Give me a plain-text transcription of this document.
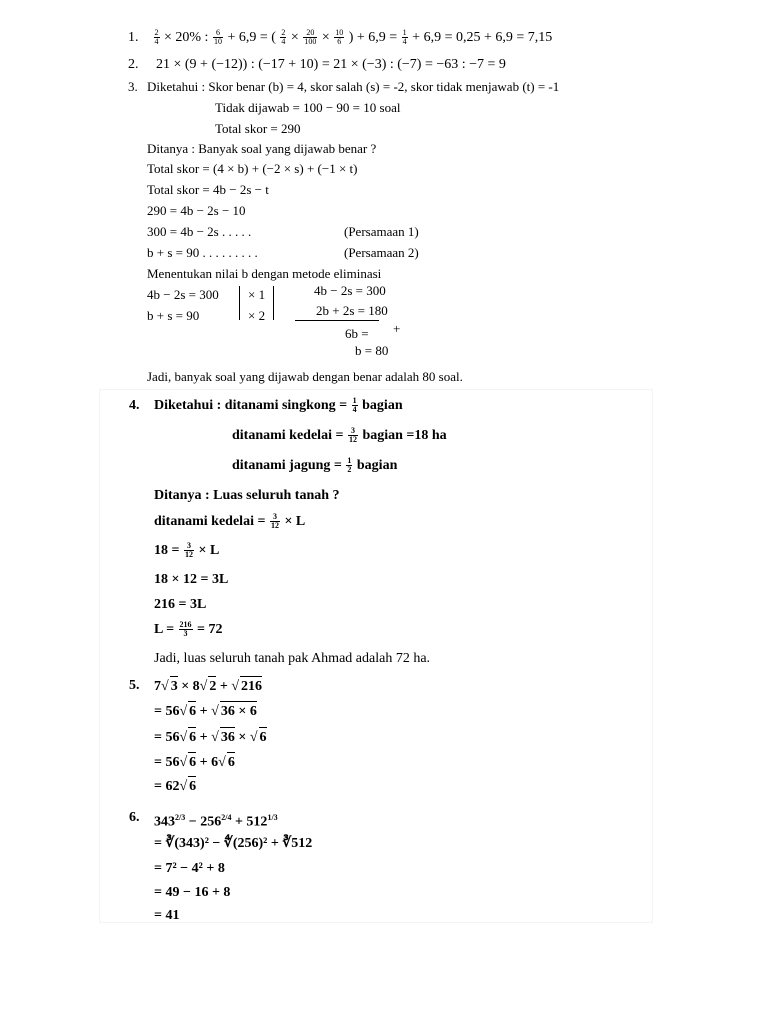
1. $\frac{2}{4} \times 20\%$ : $\frac{6}{10} + 6,9$ = ( $\frac{2}{4} \times \frac{20}{100} \times \frac{10}{6}$ ) + $6,9 = \frac{1}{4} + 6,9 = 0,25 + 6,9 = 7,15$
2. 21 × (9 + (−12)) : (−17 + 10) = 21 × (−3) : (−7) = −63 : −7 = 9
3. Diketahui : Skor benar (b) = 4, skor salah (s) = -2, skor tidak menjawab (t) = -1
Tidak dijawab = 100 − 90 = 10 soal
Total skor = 290
Ditanya : Banyak soal yang dijawab benar ?
Total skor = (4 × b) + (−2 × s) + (−1 × t)
Total skor = 4b − 2s − t
290 = 4b − 2s − 10
300 = 4b − 2s . . . . .	(Persamaan 1)
b + s = 90 . . . . . . . . .	(Persamaan 2)
Menentukan nilai b dengan metode eliminasi
4b − 2s = 300
b + s = 90
× 1
× 2
4b − 2s = 300
2b + 2s = 180
+
6b =
b = 80
Jadi, banyak soal yang dijawab dengan benar adalah 80 soal.
4. Diketahui : ditanami singkong = $\frac{1}{4}$ bagian
ditanami kedelai = $\frac{3}{12}$ bagian =18 ha
ditanami jagung = $\frac{1}{2}$ bagian
Ditanya : Luas seluruh tanah ?
ditanami kedelai = $\frac{3}{12} \times L$
$18 = \frac{3}{12} \times L$
18 × 12 = 3L
216 = 3L
$L = \frac{216}{3} = 72$
Jadi, luas seluruh tanah pak Ahmad adalah 72 ha.
5. 7√ 3 × 8√ 2 + √ 216
= 56√ 6 + √ 36 × 6
= 56√ 6 + √ 36 × √ 6
= 56√ 6 + 6√ 6
= 62√ 6
6. $343^{2/3} - 256^{2/4} + 512^{1/3}$
= ∛(343)² − ∜(256)² + ∛512
= 7² − 4² + 8
= 49 − 16 + 8
= 41
